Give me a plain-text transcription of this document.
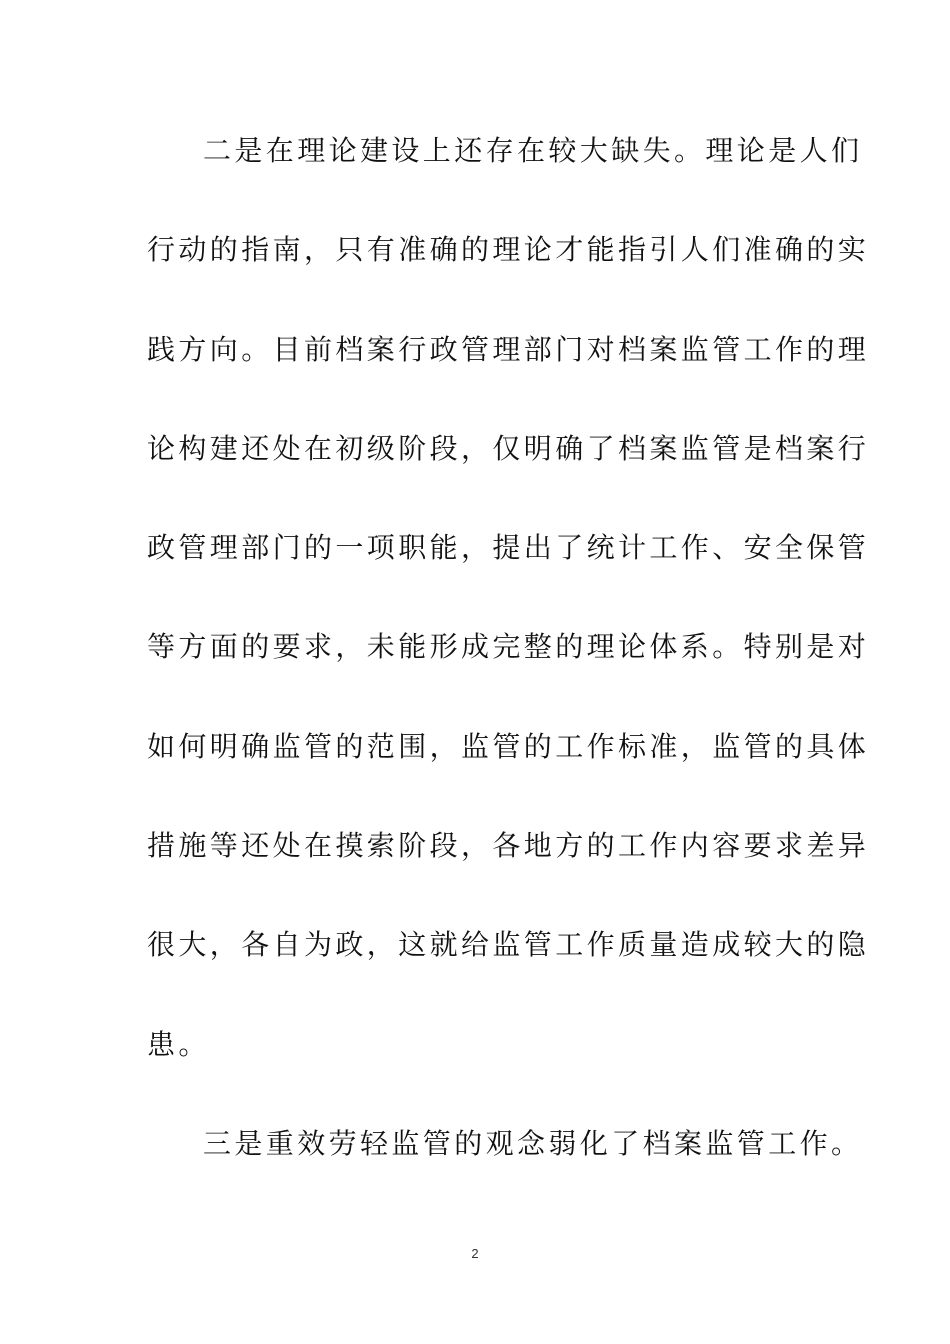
二是在理论建设上还存在较大缺失。理论是人们
行动的指南，只有准确的理论才能指引人们准确的实
践方向。目前档案行政管理部门对档案监管工作的理
论构建还处在初级阶段，仅明确了档案监管是档案行
政管理部门的一项职能，提出了统计工作、安全保管
等方面的要求，未能形成完整的理论体系。特别是对
如何明确监管的范围，监管的工作标准，监管的具体
措施等还处在摸索阶段，各地方的工作内容要求差异
很大，各自为政，这就给监管工作质量造成较大的隐
患。
三是重效劳轻监管的观念弱化了档案监管工作。
2
